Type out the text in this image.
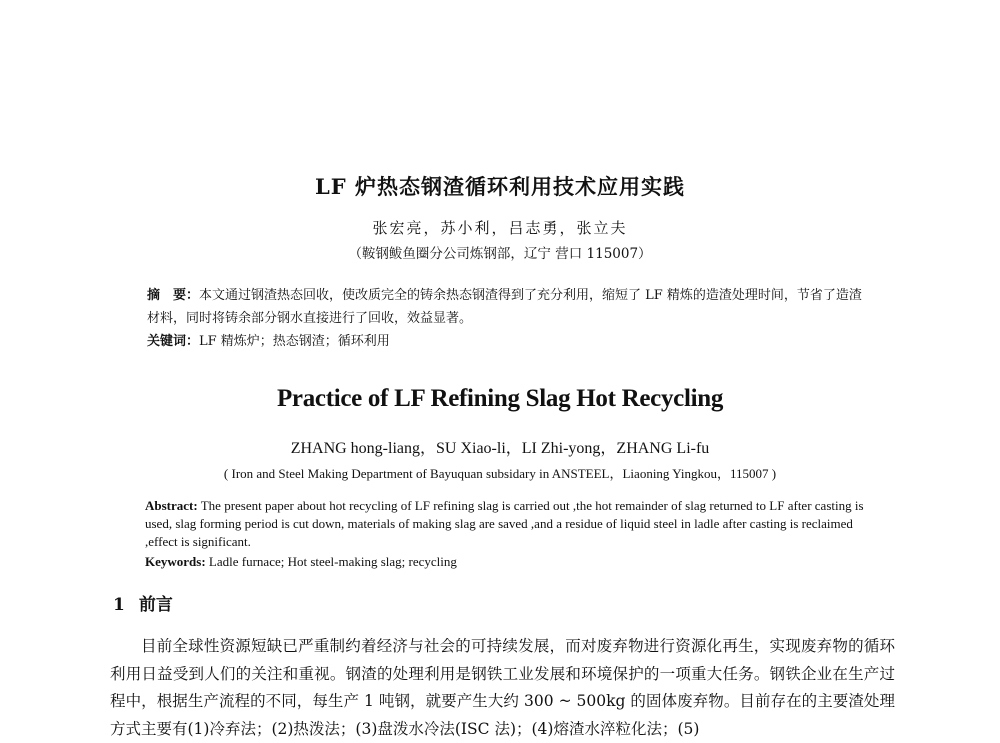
LF 炉热态钢渣循环利用技术应用实践

张宏亮，苏小利，吕志勇，张立夫

（鞍钢鲅鱼圈分公司炼钢部，辽宁 营口 115007）

摘　要：本文通过钢渣热态回收，使改质完全的铸余热态钢渣得到了充分利用，缩短了 LF 精炼的造渣处理时间，节省了造渣材料，同时将铸余部分钢水直接进行了回收，效益显著。

关键词：LF 精炼炉；热态钢渣；循环利用

Practice of LF Refining Slag Hot Recycling

ZHANG hong-liang，SU Xiao-li，LI Zhi-yong，ZHANG Li-fu

( Iron and Steel Making Department of Bayuquan subsidary in ANSTEEL，Liaoning Yingkou，115007 )

Abstract: The present paper about hot recycling of LF refining slag is carried out ,the hot remainder of slag returned to LF after casting is used, slag forming period is cut down, materials of making slag are saved ,and a residue of liquid steel in ladle after casting is reclaimed ,effect is significant.

Keywords: Ladle furnace; Hot steel-making slag; recycling

1 前言

目前全球性资源短缺已严重制约着经济与社会的可持续发展，而对废弃物进行资源化再生，实现废弃物的循环利用日益受到人们的关注和重视。钢渣的处理利用是钢铁工业发展和环境保护的一项重大任务。钢铁企业在生产过程中，根据生产流程的不同，每生产 1 吨钢，就要产生大约 300 ~ 500kg 的固体废弃物。目前存在的主要渣处理方式主要有(1)冷弃法；(2)热泼法；(3)盘泼水冷法(ISC 法)；(4)熔渣水淬粒化法；(5)
